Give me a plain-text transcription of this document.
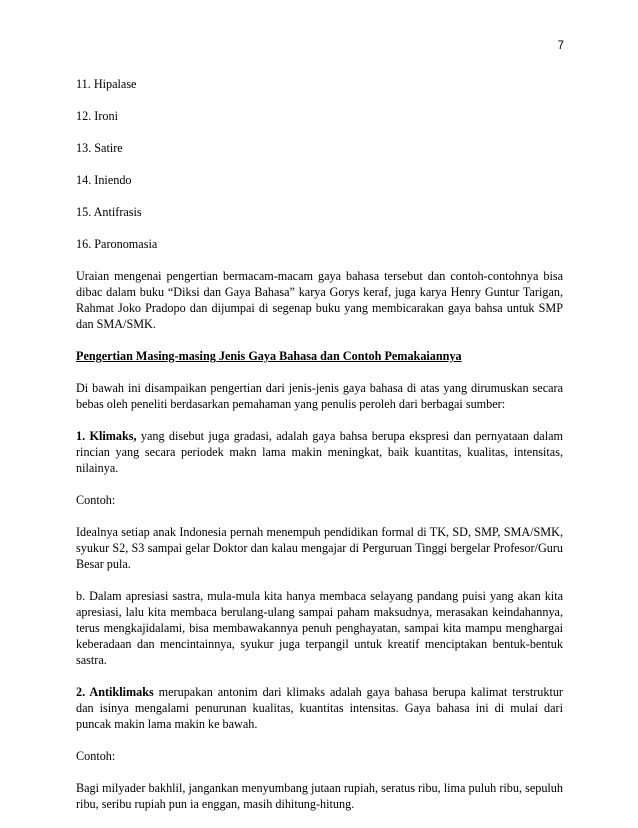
7

11. Hipalase

12. Ironi

13. Satire

14. Iniendo

15. Antifrasis

16. Paronomasia

Uraian mengenai pengertian bermacam-macam gaya bahasa tersebut dan contoh-contohnya bisa dibac dalam buku “Diksi dan Gaya Bahasa” karya Gorys keraf, juga karya Henry Guntur Tarigan, Rahmat Joko Pradopo dan dijumpai di segenap buku yang membicarakan gaya bahsa untuk SMP dan SMA/SMK.

Pengertian Masing-masing Jenis Gaya Bahasa dan Contoh Pemakaiannya

Di bawah ini disampaikan pengertian dari jenis-jenis gaya bahasa di atas yang dirumuskan secara bebas oleh peneliti berdasarkan pemahaman yang penulis peroleh dari berbagai sumber:

1. Klimaks, yang disebut juga gradasi, adalah gaya bahsa berupa ekspresi dan pernyataan dalam rincian yang secara periodek makn lama makin meningkat, baik kuantitas, kualitas, intensitas, nilainya.

Contoh:

Idealnya setiap anak Indonesia pernah menempuh pendidikan formal di TK, SD, SMP, SMA/SMK, syukur S2, S3 sampai gelar Doktor dan kalau mengajar di Perguruan Tinggi bergelar Profesor/Guru Besar pula.

b. Dalam apresiasi sastra, mula-mula kita hanya membaca selayang pandang puisi yang akan kita apresiasi, lalu kita membaca berulang-ulang sampai paham maksudnya, merasakan keindahannya, terus mengkajidalami, bisa membawakannya penuh penghayatan, sampai kita mampu menghargai keberadaan dan mencintainnya, syukur juga terpangil untuk kreatif menciptakan bentuk-bentuk sastra.

2. Antiklimaks merupakan antonim dari klimaks adalah gaya bahasa berupa kalimat terstruktur dan isinya mengalami penurunan kualitas, kuantitas intensitas. Gaya bahasa ini di mulai dari puncak makin lama makin ke bawah.

Contoh:

Bagi milyader bakhlil, jangankan menyumbang jutaan rupiah, seratus ribu, lima puluh ribu, sepuluh ribu, seribu rupiah pun ia enggan, masih dihitung-hitung.
